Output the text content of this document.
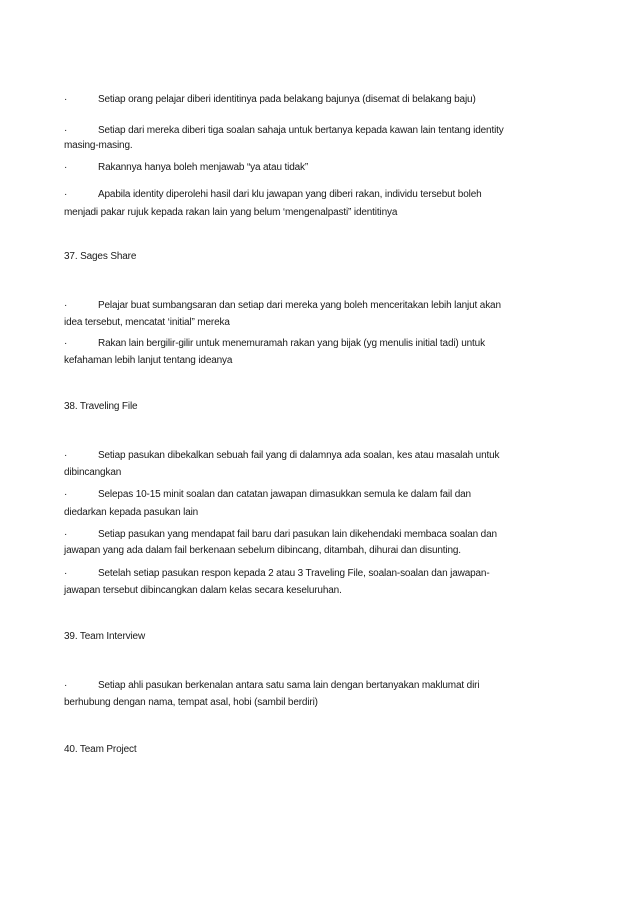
·	Setiap orang pelajar diberi identitinya pada belakang bajunya (disemat di belakang baju)
·	Setiap dari mereka diberi tiga soalan sahaja untuk bertanya kepada kawan lain tentang identity
masing-masing.
·	Rakannya hanya boleh menjawab “ya atau tidak”
·	Apabila identity diperolehi hasil dari klu jawapan yang diberi rakan, individu tersebut boleh
menjadi pakar rujuk kepada rakan lain yang belum ‘mengenalpasti” identitinya
37. Sages Share
·	Pelajar buat sumbangsaran dan setiap dari mereka yang boleh menceritakan lebih lanjut akan
idea tersebut, mencatat ‘initial” mereka
·	Rakan lain bergilir-gilir untuk menemuramah rakan yang bijak (yg menulis initial tadi) untuk
kefahaman lebih lanjut tentang ideanya
38. Traveling File
·	Setiap pasukan dibekalkan sebuah fail yang di dalamnya ada soalan, kes atau masalah untuk
dibincangkan
·	Selepas 10-15 minit soalan dan catatan jawapan dimasukkan semula ke dalam fail dan
diedarkan kepada pasukan lain
·	Setiap pasukan yang mendapat fail baru dari pasukan lain dikehendaki membaca soalan dan
jawapan yang ada dalam fail berkenaan sebelum dibincang, ditambah, dihurai dan disunting.
·	Setelah setiap pasukan respon kepada 2 atau 3 Traveling File, soalan-soalan dan jawapan-
jawapan tersebut dibincangkan dalam kelas secara keseluruhan.
39. Team Interview
·	Setiap ahli pasukan berkenalan antara satu sama lain dengan bertanyakan maklumat diri
berhubung dengan nama, tempat asal, hobi (sambil berdiri)
40. Team Project
